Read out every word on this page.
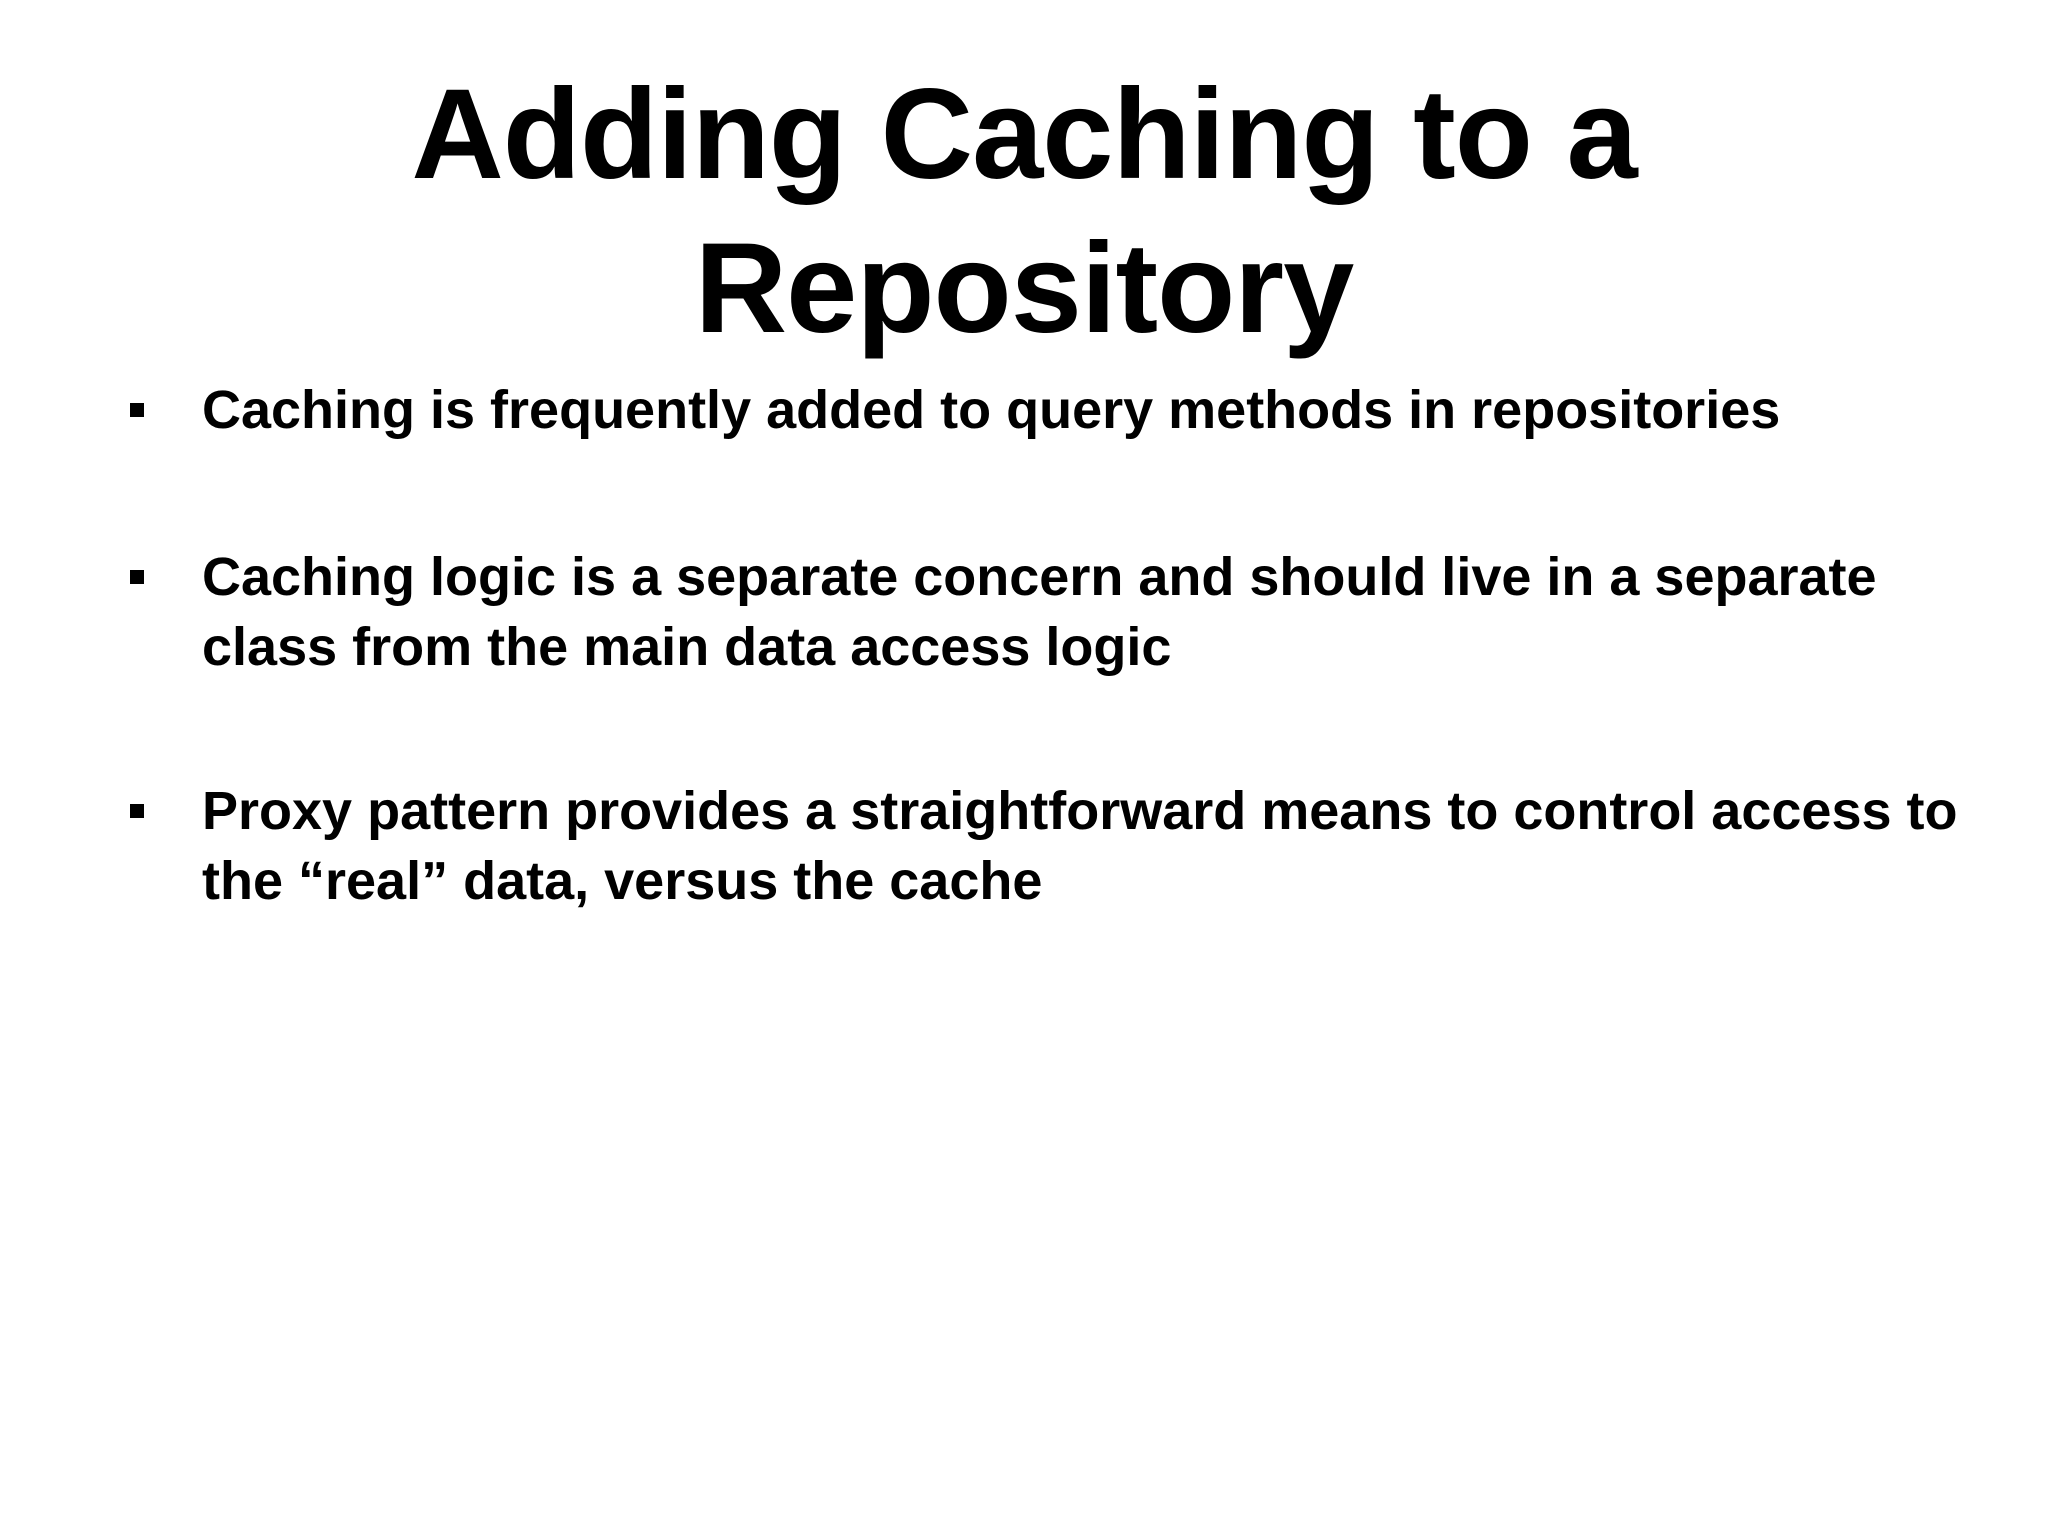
Adding Caching to a
Repository
Caching is frequently added to query methods in repositories
Caching logic is a separate concern and should live in a separate class from the main data access logic
Proxy pattern provides a straightforward means to control access to the “real” data, versus the cache
